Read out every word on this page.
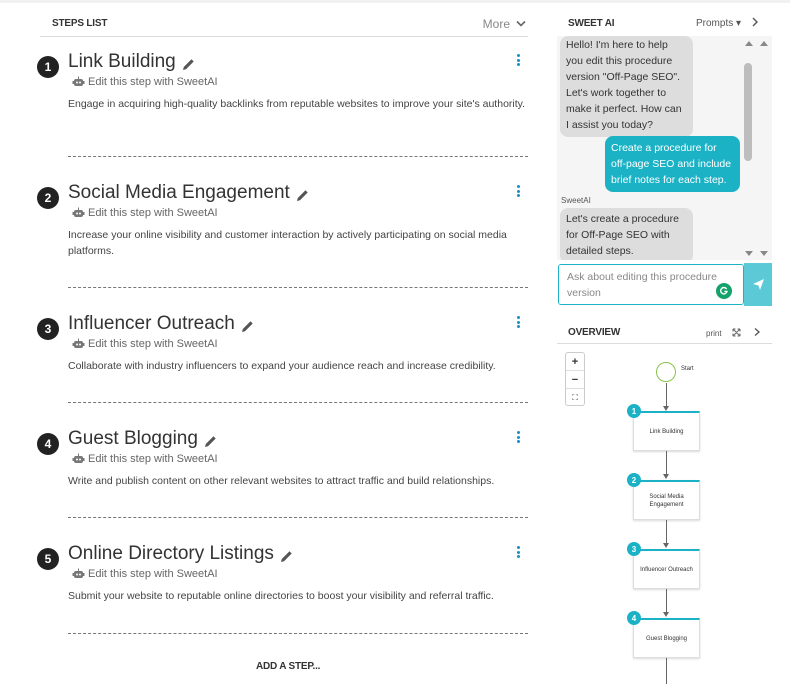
STEPS LIST	More
1 Link Building
Edit this step with SweetAI
Engage in acquiring high-quality backlinks from reputable websites to improve your site's authority.
2 Social Media Engagement
Edit this step with SweetAI
Increase your online visibility and customer interaction by actively participating on social media platforms.
3 Influencer Outreach
Edit this step with SweetAI
Collaborate with industry influencers to expand your audience reach and increase credibility.
4 Guest Blogging
Edit this step with SweetAI
Write and publish content on other relevant websites to attract traffic and build relationships.
5 Online Directory Listings
Edit this step with SweetAI
Submit your website to reputable online directories to boost your visibility and referral traffic.
ADD A STEP...
SWEET AI	Prompts ▾
Hello! I'm here to help you edit this procedure version "Off-Page SEO". Let's work together to make it perfect. How can I assist you today?
Create a procedure for off-page SEO and include brief notes for each step.
SweetAI
Let's create a procedure for Off-Page SEO with detailed steps.
Ask about editing this procedure version
OVERVIEW	print
Start
Link Building
1
Social Media Engagement
2
Influencer Outreach
3
Guest Blogging
4
+
−
⛶
